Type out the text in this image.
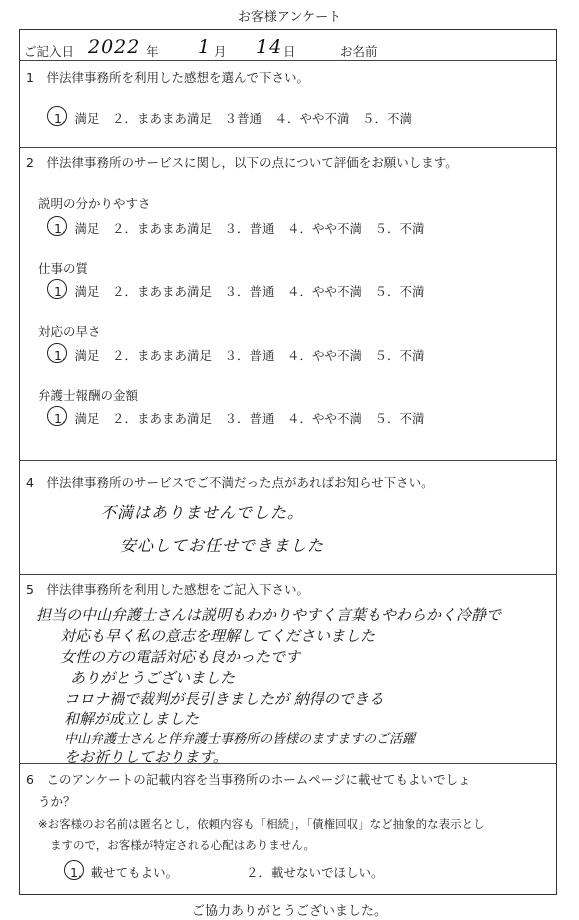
お客様アンケート
ご記入日 2022 年 1 月 14 日	お名前
1　伴法律事務所を利用した感想を選んで下さい。
1．満足　２．まあまあ満足　３普通　４．やや不満　５．不満
2　伴法律事務所のサービスに関し，以下の点について評価をお願いします。
説明の分かりやすさ
1．満足　２．まあまあ満足　３．普通　４．やや不満　５．不満
仕事の質
1　満足　２．まあまあ満足　３．普通　４．やや不満　５．不満
対応の早さ
1．満足　２．まあまあ満足　３．普通　４．やや不満　５．不満
弁護士報酬の金額
1．満足　２．まあまあ満足　３．普通　４．やや不満　５．不満
4　伴法律事務所のサービスでご不満だった点があればお知らせ下さい。
不満はありませんでした。
安心してお任せできました
5　伴法律事務所を利用した感想をご記入下さい。
担当の中山弁護士さんは説明もわかりやすく言葉もやわらかく冷静で
対応も早く私の意志を理解してくださいました
女性の方の電話対応も良かったです
ありがとうございました
コロナ禍で裁判が長引きましたが 納得のできる
和解が成立しました
中山弁護士さんと伴弁護士事務所の皆様のますますのご活躍
をお祈りしております。
6　このアンケートの記載内容を当事務所のホームページに載せてもよいでしょ
うか？
※お客様のお名前は匿名とし，依頼内容も「相続」，「債権回収」など抽象的な表示とし
ますので，お客様が特定される心配はありません。
1．載せてもよい。	２．載せないでほしい。
ご協力ありがとうございました。
